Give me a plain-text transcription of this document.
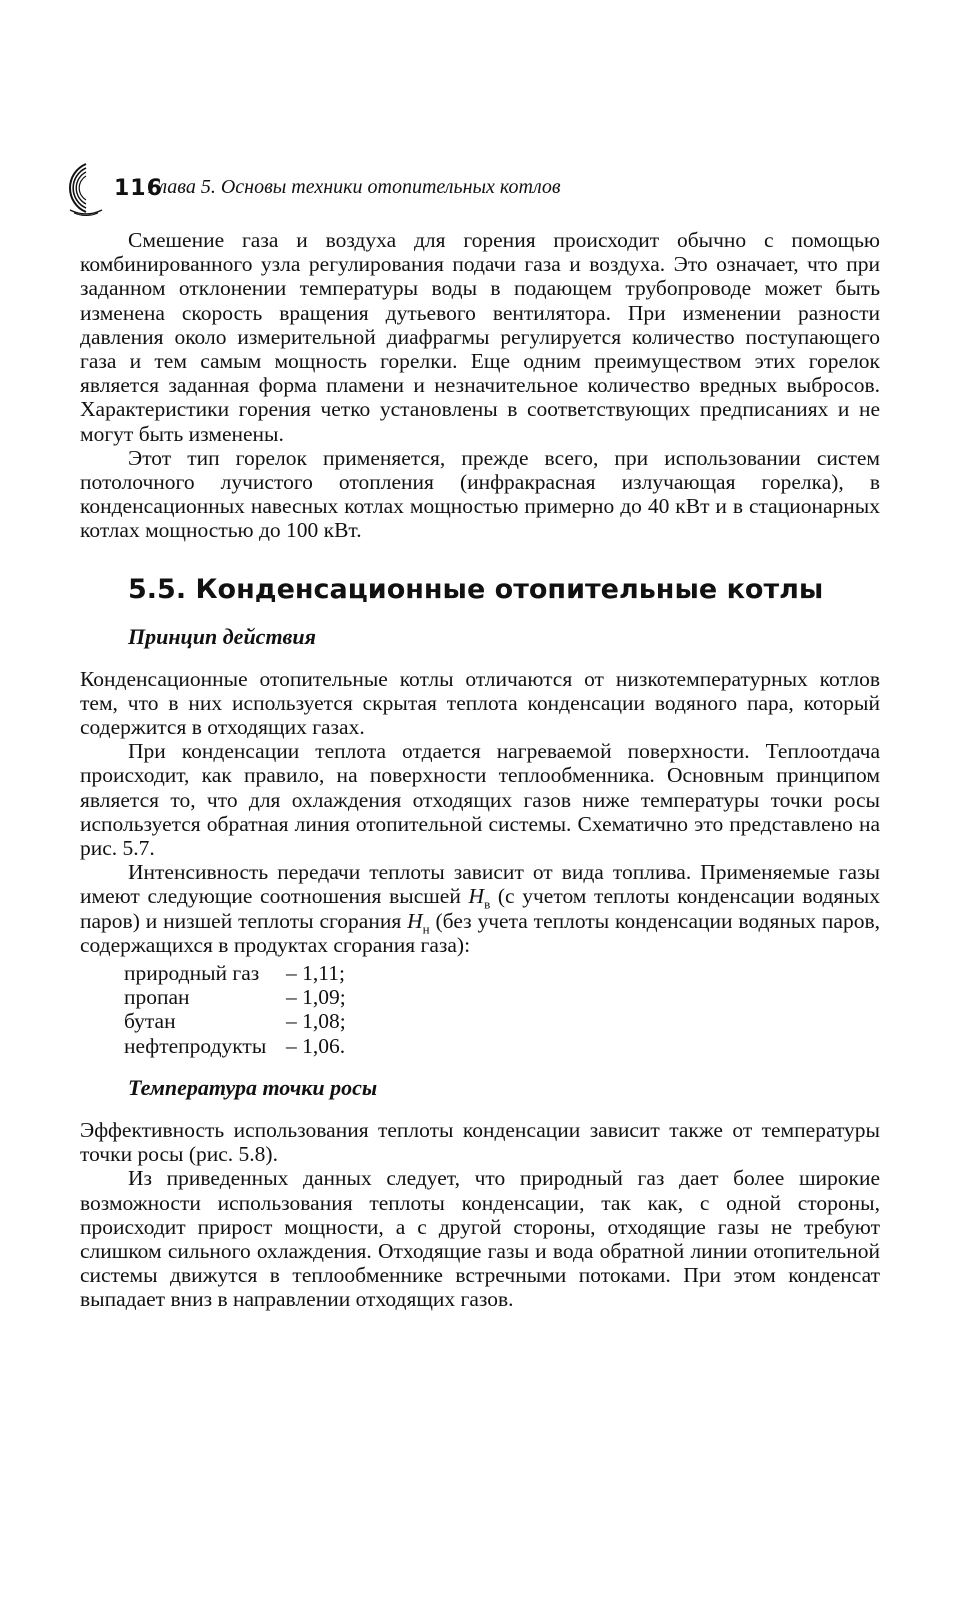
116
Глава 5. Основы техники отопительных котлов

Смешение газа и воздуха для горения происходит обычно с помощью комбинированного узла регулирования подачи газа и воздуха. Это означает, что при заданном отклонении температуры воды в подающем трубопроводе может быть изменена скорость вращения дутьевого вентилятора. При изменении разности давления около измерительной диафрагмы регулируется количество поступающего газа и тем самым мощность горелки. Еще одним преимуществом этих горелок является заданная форма пламени и незначительное количество вредных выбросов. Характеристики горения четко установлены в соответствующих предписаниях и не могут быть изменены.

Этот тип горелок применяется, прежде всего, при использовании систем потолочного лучистого отопления (инфракрасная излучающая горелка), в конденсационных навесных котлах мощностью примерно до 40 кВт и в стационарных котлах мощностью до 100 кВт.

5.5. Конденсационные отопительные котлы
Принцип действия

Конденсационные отопительные котлы отличаются от низкотемпературных котлов тем, что в них используется скрытая теплота конденсации водяного пара, который содержится в отходящих газах.

При конденсации теплота отдается нагреваемой поверхности. Теплоотдача происходит, как правило, на поверхности теплообменника. Основным принципом является то, что для охлаждения отходящих газов ниже температуры точки росы используется обратная линия отопительной системы. Схематично это представлено на рис. 5.7.

Интенсивность передачи теплоты зависит от вида топлива. Применяемые газы имеют следующие соотношения высшей $H_в$ (с учетом теплоты конденсации водяных паров) и низшей теплоты сгорания $H_н$ (без учета теплоты конденсации водяных паров, содержащихся в продуктах сгорания газа):

природный газ	– 1,11;
пропан	– 1,09;
бутан	– 1,08;
нефтепродукты – 1,06.
Температура точки росы

Эффективность использования теплоты конденсации зависит также от температуры точки росы (рис. 5.8).

Из приведенных данных следует, что природный газ дает более широкие возможности использования теплоты конденсации, так как, с одной стороны, происходит прирост мощности, а с другой стороны, отходящие газы не требуют слишком сильного охлаждения. Отходящие газы и вода обратной линии отопительной системы движутся в теплообменнике встречными потоками. При этом конденсат выпадает вниз в направлении отходящих газов.
